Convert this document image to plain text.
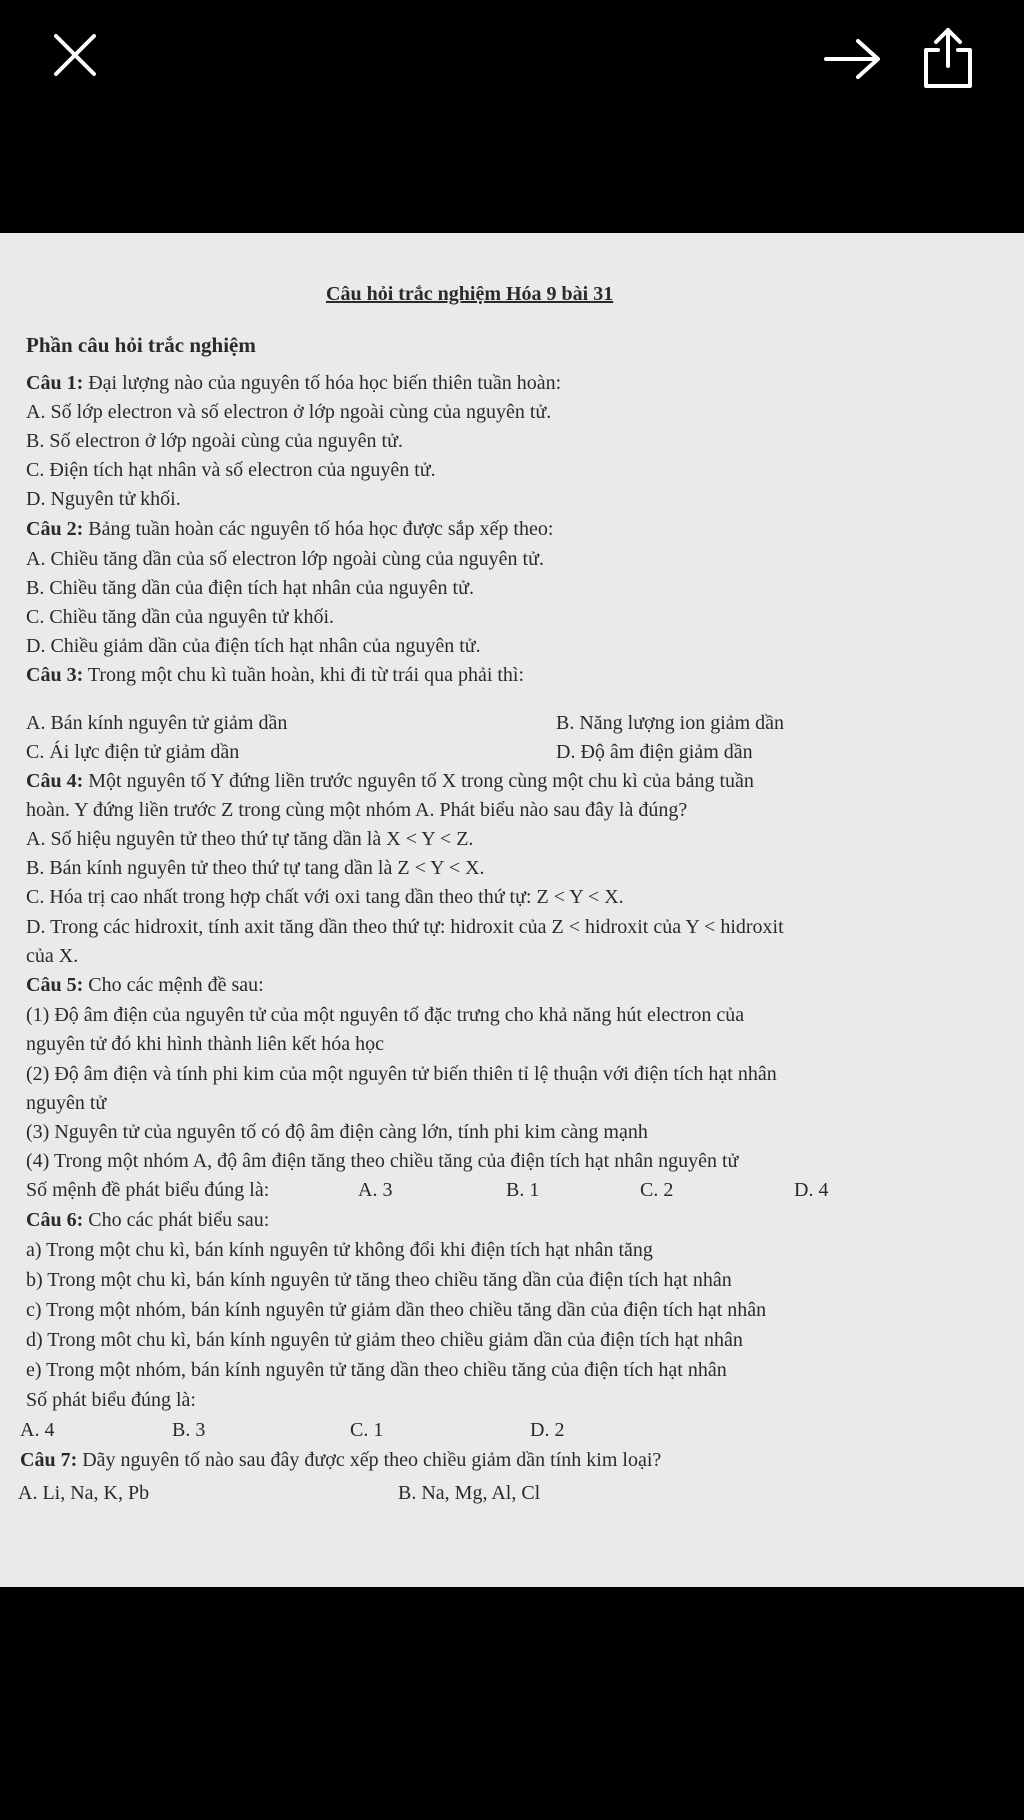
Câu hỏi trắc nghiệm Hóa 9 bài 31
Phần câu hỏi trắc nghiệm
Câu 1: Đại lượng nào của nguyên tố hóa học biến thiên tuần hoàn:
A. Số lớp electron và số electron ở lớp ngoài cùng của nguyên tử.
B. Số electron ở lớp ngoài cùng của nguyên tử.
C. Điện tích hạt nhân và số electron của nguyên tử.
D. Nguyên tử khối.
Câu 2: Bảng tuần hoàn các nguyên tố hóa học được sắp xếp theo:
A. Chiều tăng dần của số electron lớp ngoài cùng của nguyên tử.
B. Chiều tăng dần của điện tích hạt nhân của nguyên tử.
C. Chiều tăng dần của nguyên tử khối.
D. Chiều giảm dần của điện tích hạt nhân của nguyên tử.
Câu 3: Trong một chu kì tuần hoàn, khi đi từ trái qua phải thì:
A. Bán kính nguyên tử giảm dần	B. Năng lượng ion giảm dần
C. Ái lực điện tử giảm dần	D. Độ âm điện giảm dần
Câu 4: Một nguyên tố Y đứng liền trước nguyên tố X trong cùng một chu kì của bảng tuần
hoàn. Y đứng liền trước Z trong cùng một nhóm A. Phát biểu nào sau đây là đúng?
A. Số hiệu nguyên tử theo thứ tự tăng dần là X < Y < Z.
B. Bán kính nguyên tử theo thứ tự tang dần là Z < Y < X.
C. Hóa trị cao nhất trong hợp chất với oxi tang dần theo thứ tự: Z < Y < X.
D. Trong các hidroxit, tính axit tăng dần theo thứ tự: hidroxit của Z < hidroxit của Y < hidroxit
của X.
Câu 5: Cho các mệnh đề sau:
(1) Độ âm điện của nguyên tử của một nguyên tố đặc trưng cho khả năng hút electron của
nguyên tử đó khi hình thành liên kết hóa học
(2) Độ âm điện và tính phi kim của một nguyên tử biến thiên tỉ lệ thuận với điện tích hạt nhân
nguyên tử
(3) Nguyên tử của nguyên tố có độ âm điện càng lớn, tính phi kim càng mạnh
(4) Trong một nhóm A, độ âm điện tăng theo chiều tăng của điện tích hạt nhân nguyên tử
Số mệnh đề phát biểu đúng là:	A. 3	B. 1	C. 2	D. 4
Câu 6: Cho các phát biểu sau:
a) Trong một chu kì, bán kính nguyên tử không đổi khi điện tích hạt nhân tăng
b) Trong một chu kì, bán kính nguyên tử tăng theo chiều tăng dần của điện tích hạt nhân
c) Trong một nhóm, bán kính nguyên tử giảm dần theo chiều tăng dần của điện tích hạt nhân
d) Trong môt chu kì, bán kính nguyên tử giảm theo chiều giảm dần của điện tích hạt nhân
e) Trong một nhóm, bán kính nguyên tử tăng dần theo chiều tăng của điện tích hạt nhân
Số phát biểu đúng là:
A. 4	B. 3	C. 1	D. 2
Câu 7: Dãy nguyên tố nào sau đây được xếp theo chiều giảm dần tính kim loại?
A. Li, Na, K, Pb	B. Na, Mg, Al, Cl
